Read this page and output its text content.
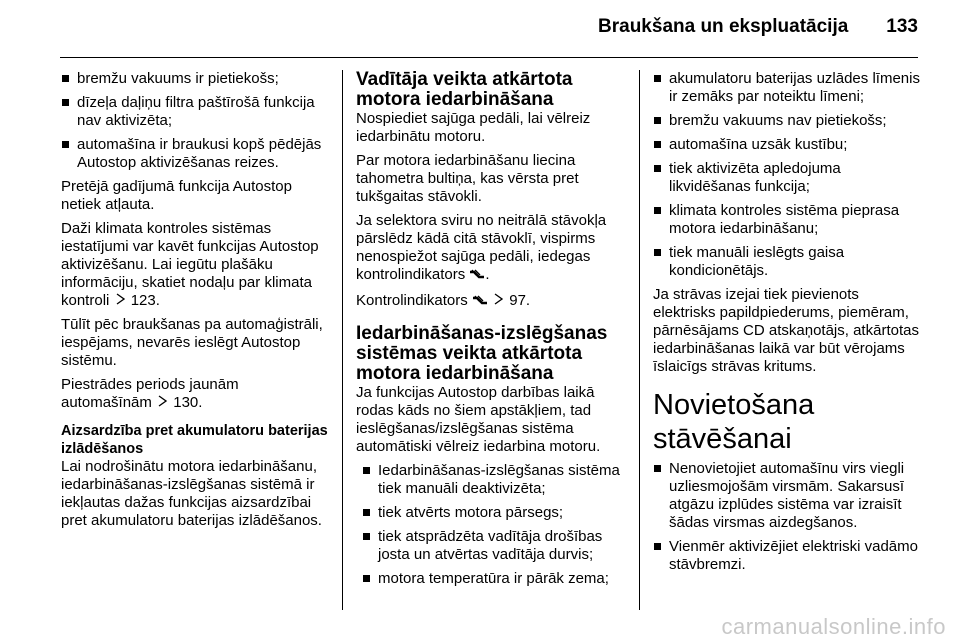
Braukšana un ekspluatācija 133
bremžu vakuums ir pietiekošs;
dīzeļa daļiņu filtra paštīrošā funkcija nav aktivizēta;
automašīna ir braukusi kopš pēdējās Autostop aktivizēšanas reizes.

Pretējā gadījumā funkcija Autostop netiek atļauta.

Daži klimata kontroles sistēmas iestatījumi var kavēt funkcijas Autostop aktivizēšanu. Lai iegūtu plašāku informāciju, skatiet nodaļu par klimata kontroli 123.

Tūlīt pēc braukšanas pa automaģistrāli, iespējams, nevarēs ieslēgt Autostop sistēmu.

Piestrādes periods jaunām automašīnām 130.

Aizsardzība pret akumulatoru baterijas izlādēšanos

Lai nodrošinātu motora iedarbināšanu, iedarbināšanas-izslēgšanas sistēmā ir iekļautas dažas funkcijas aizsardzībai pret akumulatoru baterijas izlādēšanos.

Vadītāja veikta atkārtota motora iedarbināšana

Nospiediet sajūga pedāli, lai vēlreiz iedarbinātu motoru.

Par motora iedarbināšanu liecina tahometra bultiņa, kas vērsta pret tukšgaitas stāvokli.

Ja selektora sviru no neitrālā stāvokļa pārslēdz kādā citā stāvoklī, vispirms nenospiežot sajūga pedāli, iedegas kontrolindikators .

Kontrolindikators	97.

Iedarbināšanas-izslēgšanas sistēmas veikta atkārtota motora iedarbināšana

Ja funkcijas Autostop darbības laikā rodas kāds no šiem apstākļiem, tad ieslēgšanas/izslēgšanas sistēma automātiski vēlreiz iedarbina motoru.

Iedarbināšanas-izslēgšanas sistēma tiek manuāli deaktivizēta;
tiek atvērts motora pārsegs;
tiek atsprādzēta vadītāja drošības josta un atvērtas vadītāja durvis;
motora temperatūra ir pārāk zema;
akumulatoru baterijas uzlādes līmenis ir zemāks par noteiktu līmeni;
bremžu vakuums nav pietiekošs;
automašīna uzsāk kustību;
tiek aktivizēta apledojuma likvidēšanas funkcija;
klimata kontroles sistēma pieprasa motora iedarbināšanu;
tiek manuāli ieslēgts gaisa kondicionētājs.

Ja strāvas izejai tiek pievienots elektrisks papildpiederums, piemēram, pārnēsājams CD atskaņotājs, atkārtotas iedarbināšanas laikā var būt vērojams īslaicīgs strāvas kritums.

Novietošana stāvēšanai
Nenovietojiet automašīnu virs viegli uzliesmojošām virsmām. Sakarsusī atgāzu izplūdes sistēma var izraisīt šādas virsmas aizdegšanos.
Vienmēr aktivizējiet elektriski vadāmo stāvbremzi.
carmanualsonline.info
